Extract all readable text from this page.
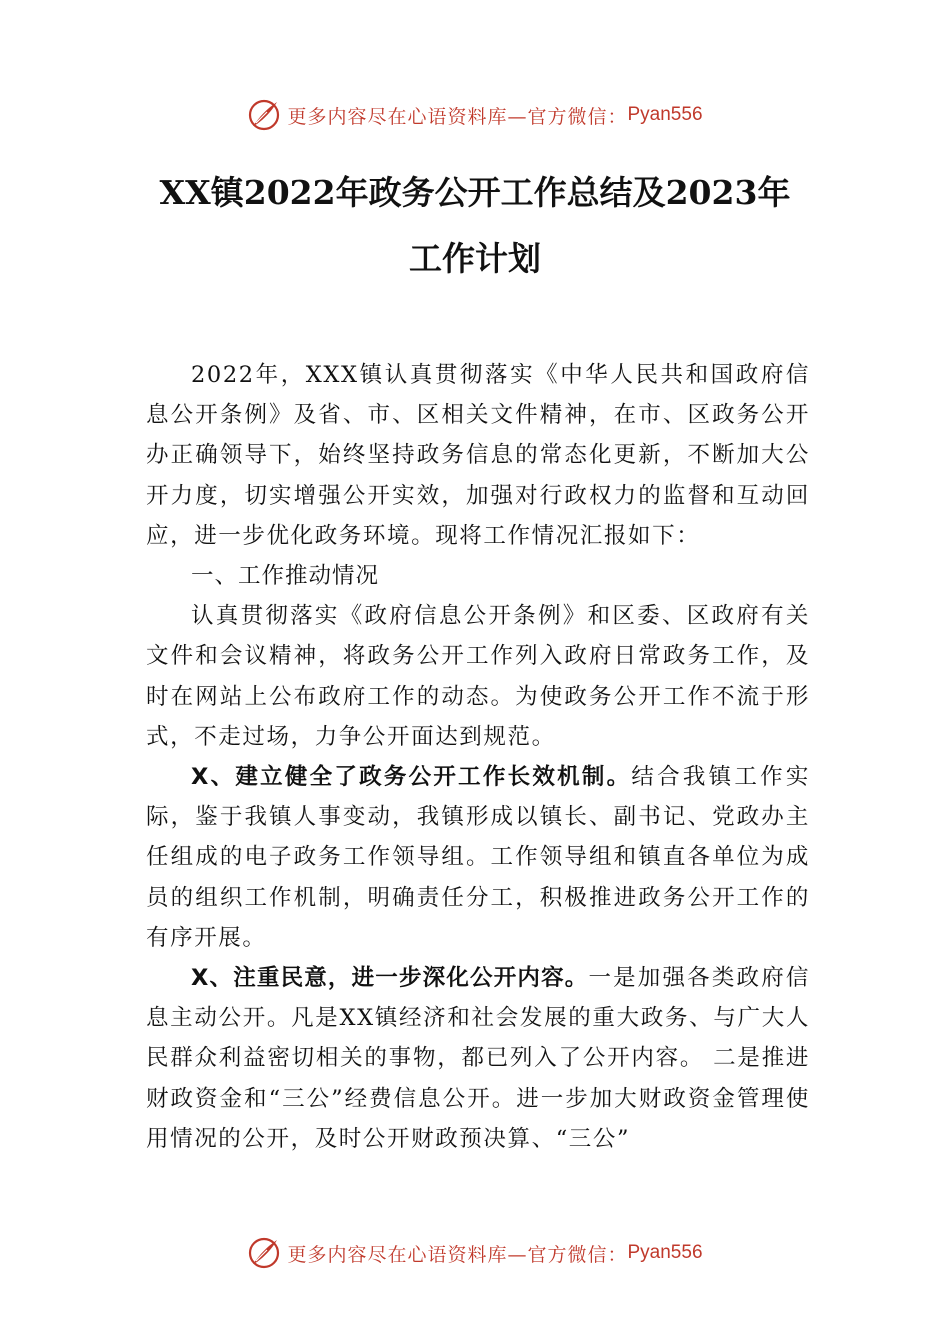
更多内容尽在心语资料库—官方微信： Pyan556
XX镇2022年政务公开工作总结及2023年
工作计划

2022年，XXX镇认真贯彻落实《中华人民共和国政府信息公开条例》及省、市、区相关文件精神，在市、区政务公开办正确领导下，始终坚持政务信息的常态化更新，不断加大公开力度，切实增强公开实效，加强对行政权力的监督和互动回应，进一步优化政务环境。现将工作情况汇报如下：

一、工作推动情况

认真贯彻落实《政府信息公开条例》和区委、区政府有关文件和会议精神，将政务公开工作列入政府日常政务工作，及时在网站上公布政府工作的动态。为使政务公开工作不流于形式，不走过场，力争公开面达到规范。

X、建立健全了政务公开工作长效机制。结合我镇工作实际，鉴于我镇人事变动，我镇形成以镇长、副书记、党政办主任组成的电子政务工作领导组。工作领导组和镇直各单位为成员的组织工作机制，明确责任分工，积极推进政务公开工作的有序开展。

X、注重民意，进一步深化公开内容。一是加强各类政府信息主动公开。凡是XX镇经济和社会发展的重大政务、与广大人民群众利益密切相关的事物，都已列入了公开内容。 二是推进财政资金和“三公”经费信息公开。进一步加大财政资金管理使用情况的公开，及时公开财政预决算、“三公”

更多内容尽在心语资料库—官方微信： Pyan556
